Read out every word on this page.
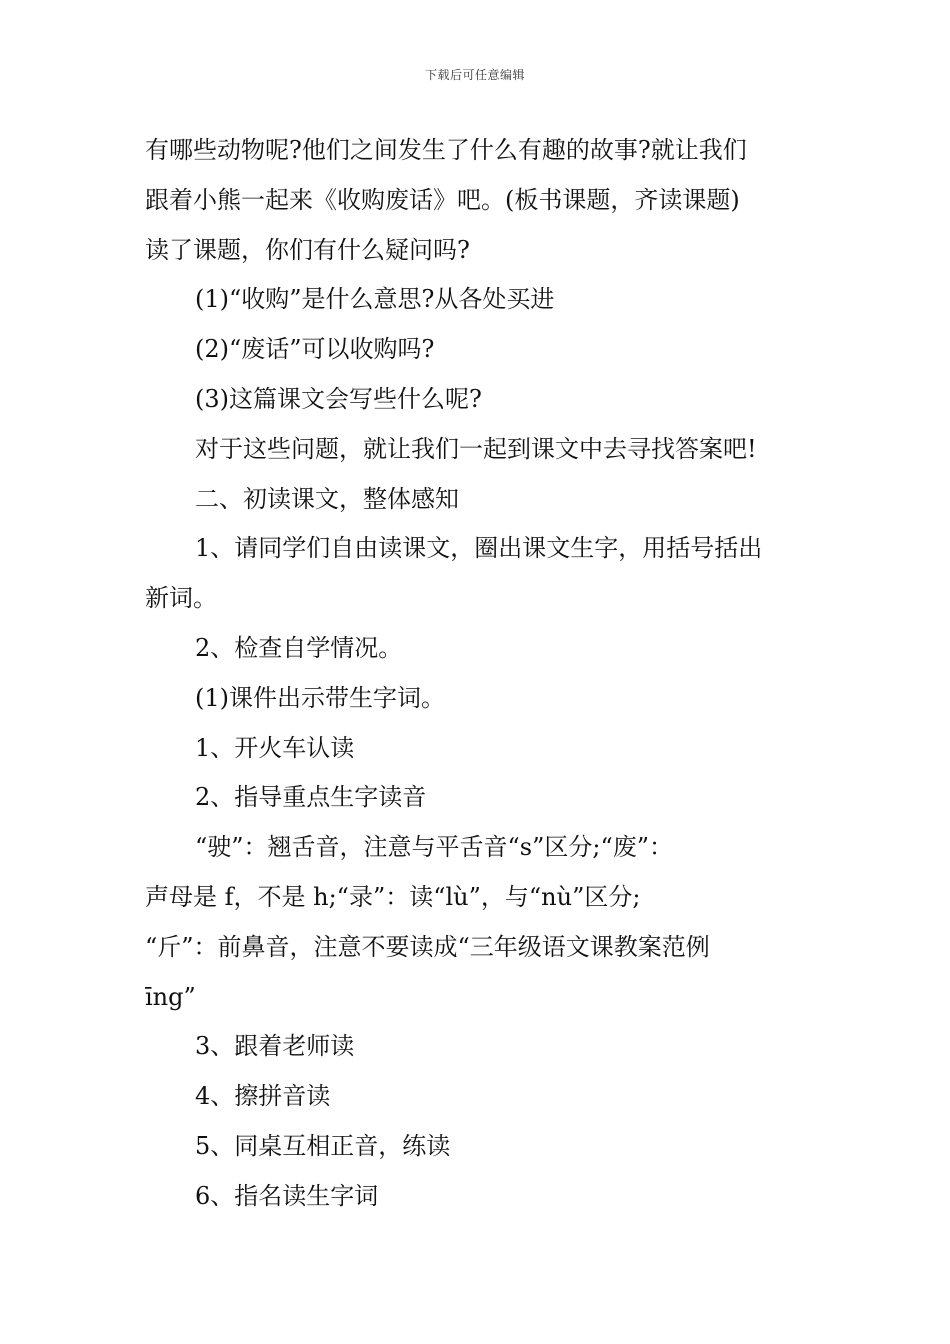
下载后可任意编辑

有哪些动物呢?他们之间发生了什么有趣的故事?就让我们

跟着小熊一起来《收购废话》吧。(板书课题，齐读课题)

读了课题，你们有什么疑问吗?

(1)“收购”是什么意思?从各处买进

(2)“废话”可以收购吗?

(3)这篇课文会写些什么呢?

对于这些问题，就让我们一起到课文中去寻找答案吧!

二、初读课文，整体感知

1、请同学们自由读课文，圈出课文生字，用括号括出

新词。

2、检查自学情况。

(1)课件出示带生字词。

1、开火车认读

2、指导重点生字读音

“驶”：翘舌音，注意与平舌音“s”区分;“废”：

声母是 f，不是 h;“录”：读“lù”，与“nù”区分;

“斤”：前鼻音，注意不要读成“三年级语文课教案范例

īng”

3、跟着老师读

4、擦拼音读

5、同桌互相正音，练读

6、指名读生字词
